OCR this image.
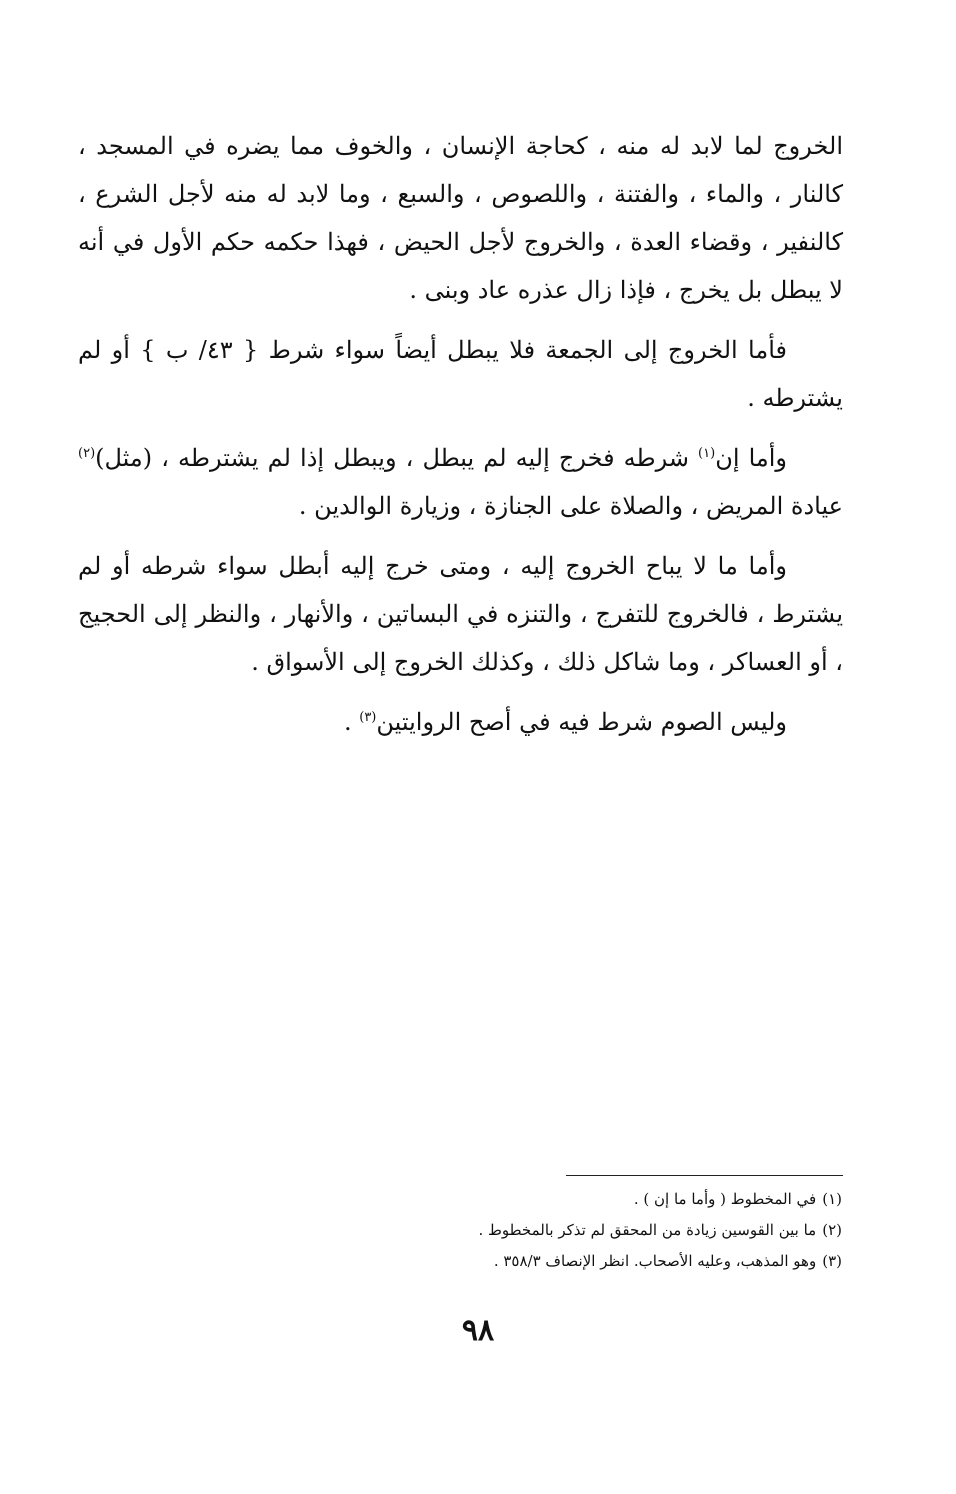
الخروج لما لابد له منه ، كحاجة الإنسان ، والخوف مما يضره في المسجد ، كالنار ، والماء ، والفتنة ، واللصوص ، والسبع ، وما لابد له منه لأجل الشرع ، كالنفير ، وقضاء العدة ، والخروج لأجل الحيض ، فهذا حكمه حكم الأول في أنه لا يبطل بل يخرج ، فإذا زال عذره عاد وبنى .

فأما الخروج إلى الجمعة فلا يبطل أيضاً سواء شرط { ٤٣/ ب } أو لم يشترطه .

وأما إن$^{(١)}$ شرطه فخرج إليه لم يبطل ، ويبطل إذا لم يشترطه ، (مثل)$^{(٢)}$ عيادة المريض ، والصلاة على الجنازة ، وزيارة الوالدين .

وأما ما لا يباح الخروج إليه ، ومتى خرج إليه أبطل سواء شرطه أو لم يشترط ، فالخروج للتفرج ، والتنزه في البساتين ، والأنهار ، والنظر إلى الحجيج ، أو العساكر ، وما شاكل ذلك ، وكذلك الخروج إلى الأسواق .

وليس الصوم شرط فيه في أصح الروايتين$^{(٣)}$ .

(١)في المخطوط ( وأما ما إن ) .
(٢)ما بين القوسين زيادة من المحقق لم تذكر بالمخطوط .
(٣)وهو المذهب، وعليه الأصحاب. انظر الإنصاف ٣٥٨/٣ .
٩٨
